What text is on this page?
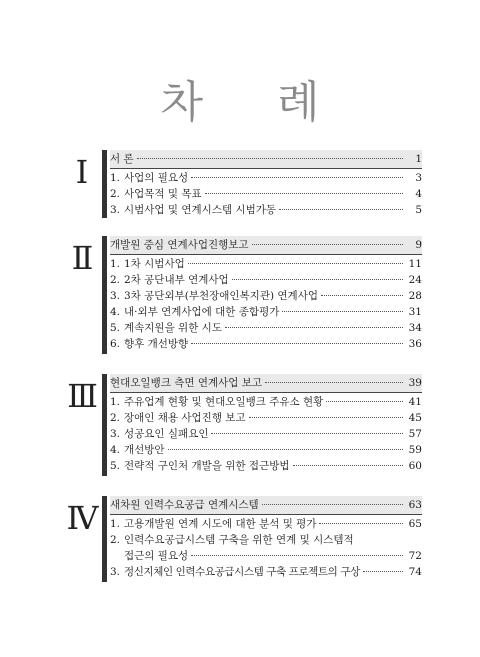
차 례
Ⅰ	서 론	1
1. 사업의 필요성	3
2. 사업목적 및 목표	4
3. 시범사업 및 연계시스템 시범가동	5
Ⅱ	개발원 중심 연계사업진행보고	9
1. 1차 시범사업	11
2. 2차 공단내부 연계사업	24
3. 3차 공단외부(부천장애인복지관) 연계사업	28
4. 내·외부 연계사업에 대한 종합평가	31
5. 계속지원을 위한 시도	34
6. 향후 개선방향	36
Ⅲ	현대오일뱅크 측면 연계사업 보고	39
1. 주유업계 현황 및 현대오일뱅크 주유소 현황	41
2. 장애인 채용 사업진행 보고	45
3. 성공요인 실패요인	57
4. 개선방안	59
5. 전략적 구인처 개발을 위한 접근방법	60
Ⅳ	새차원 인력수요공급 연계시스템	63
1. 고용개발원 연계 시도에 대한 분석 및 평가	65
2. 인력수요공급시스템 구축을 위한 연계 및 시스템적
접근의 필요성	72
3. 정신지체인 인력수요공급시스템 구축 프로젝트의 구상	74
